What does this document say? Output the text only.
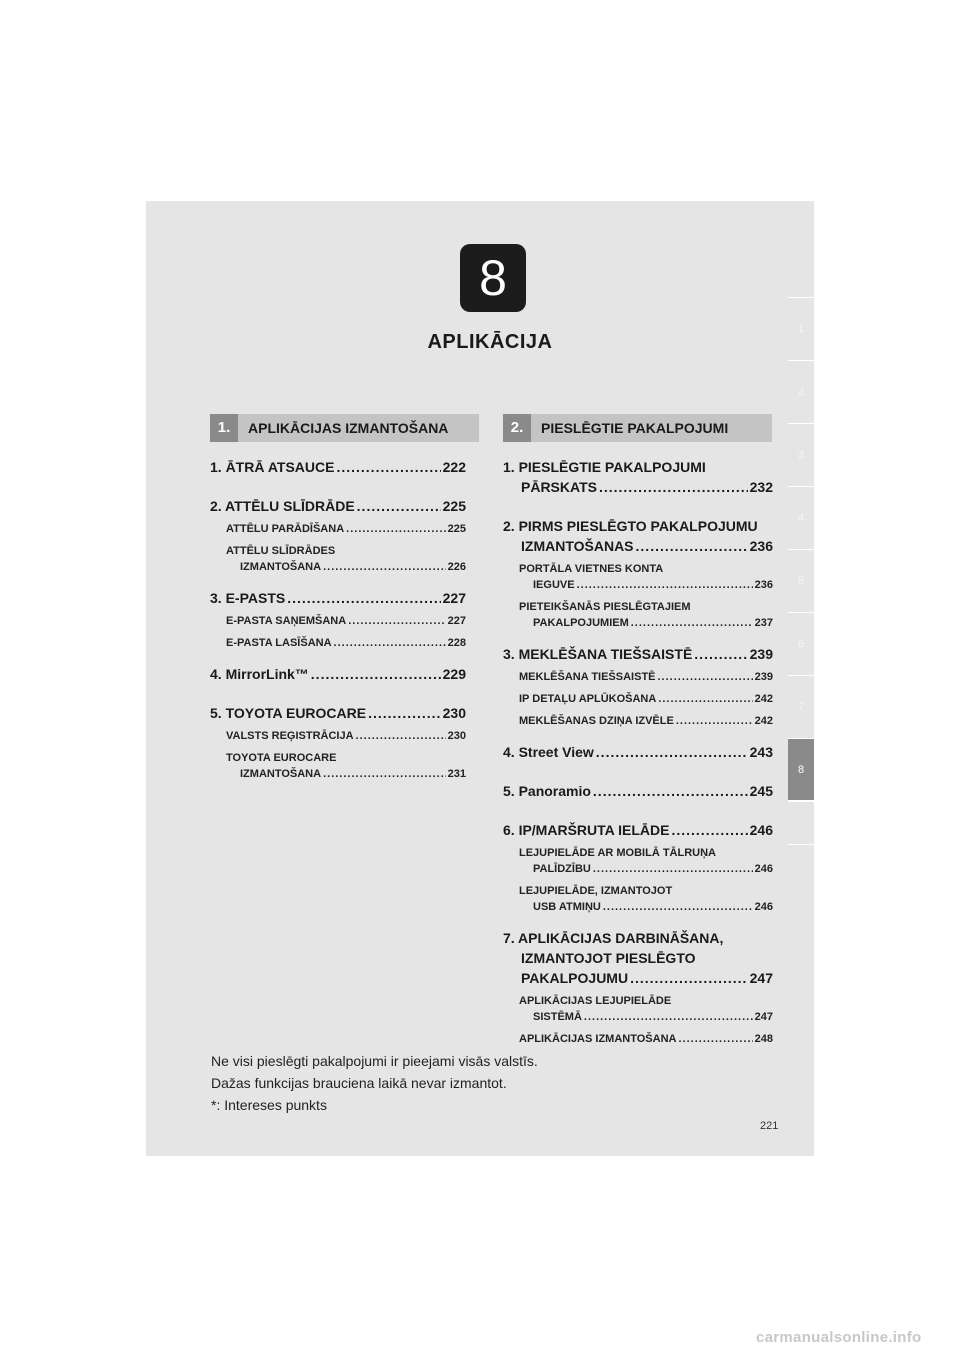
8
APLIKĀCIJA
1
2
3
4
5
6
7
8
1.	APLIKĀCIJAS IZMANTOŠANA	2.	PIESLĒGTIE PAKALPOJUMI
1. ĀTRĀ ATSAUCE .....	222
2. ATTĒLU SLĪDRĀDE .....	225
ATTĒLU PARĀDĪŠANA .....	225
ATTĒLU SLĪDRĀDES
IZMANTOŠANA .....	226
3. E-PASTS .....	227
E-PASTA SAŅEMŠANA .....	227
E-PASTA LASĪŠANA .....	228
4. MirrorLink™ .....	229
5. TOYOTA EUROCARE .....	230
VALSTS REĢISTRĀCIJA .....	230
TOYOTA EUROCARE
IZMANTOŠANA .....	231
1. PIESLĒGTIE PAKALPOJUMI
PĀRSKATS .....	232
2. PIRMS PIESLĒGTO PAKALPOJUMU
IZMANTOŠANAS .....	236
PORTĀLA VIETNES KONTA
IEGUVE .....	236
PIETEIKŠANĀS PIESLĒGTAJIEM
PAKALPOJUMIEM .....	237
3. MEKLĒŠANA TIEŠSAISTĒ .....	239
MEKLĒŠANA TIEŠSAISTĒ .....	239
IP DETAĻU APLŪKOŠANA .....	242
MEKLĒŠANAS DZIŅA IZVĒLE .....	242
4. Street View .....	243
5. Panoramio .....	245
6. IP/MARŠRUTA IELĀDE .....	246
LEJUPIELĀDE AR MOBILĀ TĀLRUŅA
PALĪDZĪBU .....	246
LEJUPIELĀDE, IZMANTOJOT
USB ATMIŅU .....	246
7. APLIKĀCIJAS DARBINĀŠANA,
IZMANTOJOT PIESLĒGTO
PAKALPOJUMU .....	247
APLIKĀCIJAS LEJUPIELĀDE
SISTĒMĀ .....	247
APLIKĀCIJAS IZMANTOŠANA .....	248
Ne visi pieslēgti pakalpojumi ir pieejami visās valstīs.
Dažas funkcijas brauciena laikā nevar izmantot.
*: Intereses punkts
221
carmanualsonline.info
